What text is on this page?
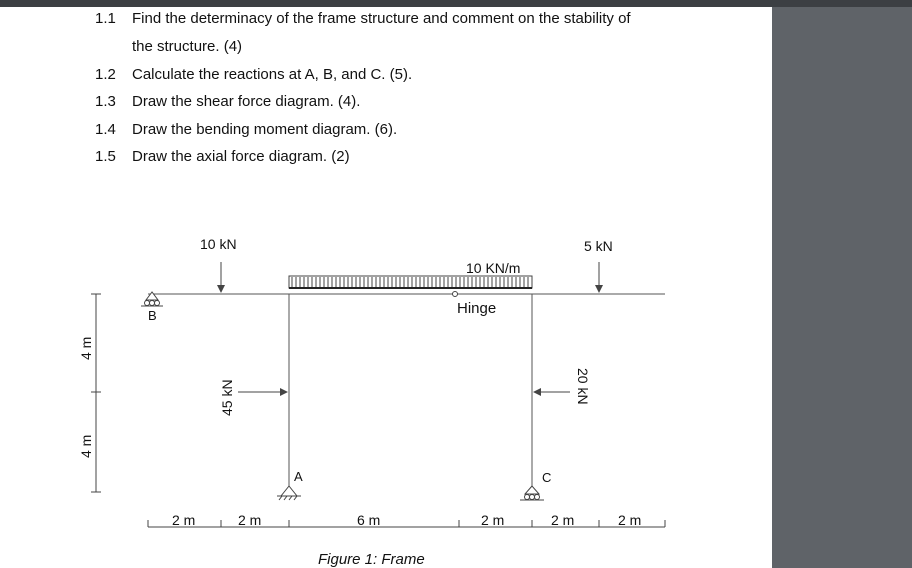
1.1 Find the determinacy of the frame structure and comment on the stability of
the structure. (4)
1.2 Calculate the reactions at A, B, and C. (5).
1.3 Draw the shear force diagram. (4).
1.4 Draw the bending moment diagram. (6).
1.5 Draw the axial force diagram. (2)
10 kN
10 KN/m
5 kN
Hinge
B
A	C
45 kN	20 kN
4 m
4 m
2 m	2 m	6 m	2 m	2 m	2 m
Figure 1: Frame
